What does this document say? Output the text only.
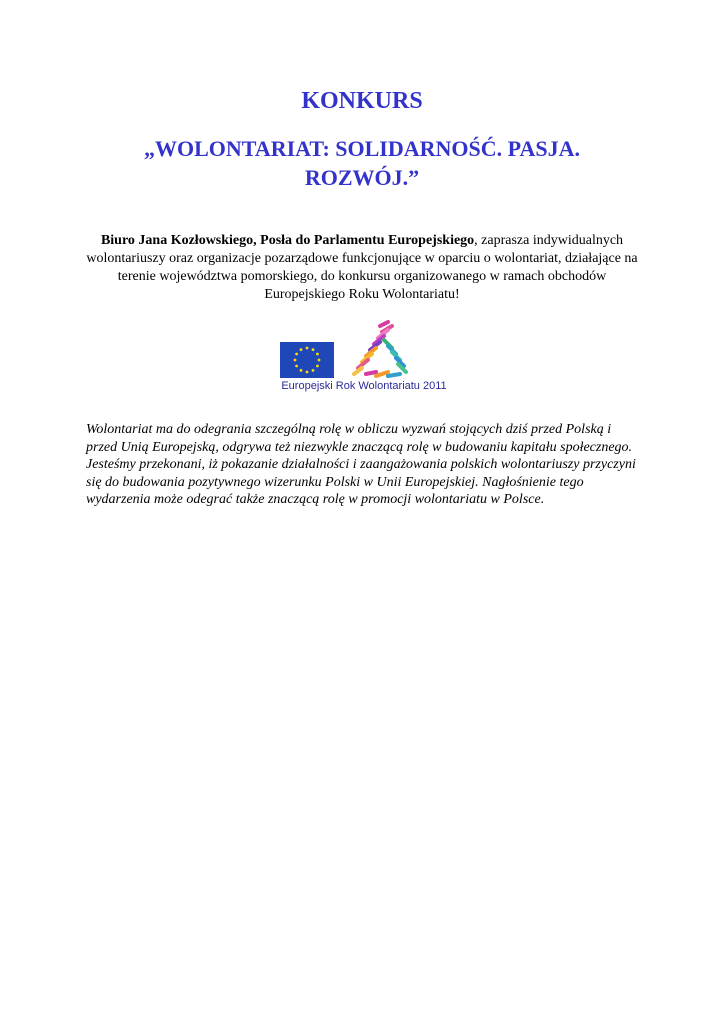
KONKURS
„WOLONTARIAT: SOLIDARNOŚĆ. PASJA. ROZWÓJ.”
Biuro Jana Kozłowskiego, Posła do Parlamentu Europejskiego, zaprasza indywidualnych wolontariuszy oraz organizacje pozarządowe funkcjonujące w oparciu o wolontariat, działające na terenie województwa pomorskiego, do konkursu organizowanego w ramach obchodów Europejskiego Roku Wolontariatu!
Europejski Rok Wolontariatu 2011
Wolontariat ma do odegrania szczególną rolę w obliczu wyzwań stojących dziś przed Polską i przed Unią Europejską, odgrywa też niezwykle znaczącą rolę w budowaniu kapitału społecznego. Jesteśmy przekonani, iż pokazanie działalności i zaangażowania polskich wolontariuszy przyczyni się do budowania pozytywnego wizerunku Polski w Unii Europejskiej. Nagłośnienie tego wydarzenia może odegrać także znaczącą rolę w promocji wolontariatu w Polsce.
